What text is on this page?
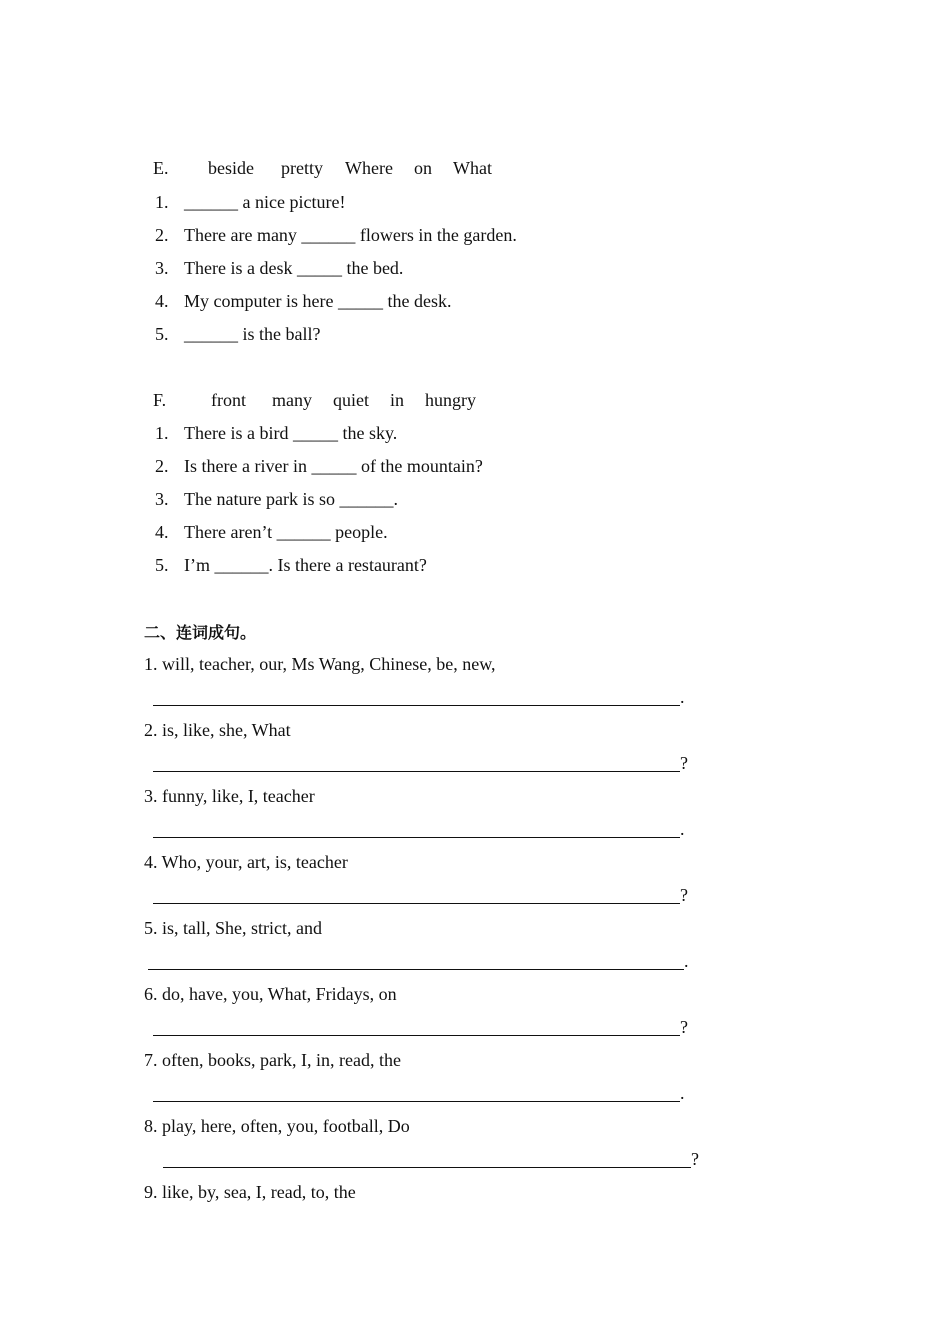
E. beside pretty Where on What
1. ______ a nice picture!
2. There are many ______ flowers in the garden.
3. There is a desk _____ the bed.
4. My computer is here _____ the desk.
5. ______ is the ball?
F. front many quiet in hungry
1. There is a bird _____ the sky.
2. Is there a river in _____ of the mountain?
3. The nature park is so ______.
4. There aren’t ______ people.
5. I’m ______. Is there a restaurant?
二、连词成句。
1. will, teacher, our, Ms Wang, Chinese, be, new,
.
2. is, like, she, What
?
3. funny, like, I, teacher
.
4. Who, your, art, is, teacher
?
5. is, tall, She, strict, and
.
6. do, have, you, What, Fridays, on
?
7. often, books, park, I, in, read, the
.
8. play, here, often, you, football, Do
?
9. like, by, sea, I, read, to, the
